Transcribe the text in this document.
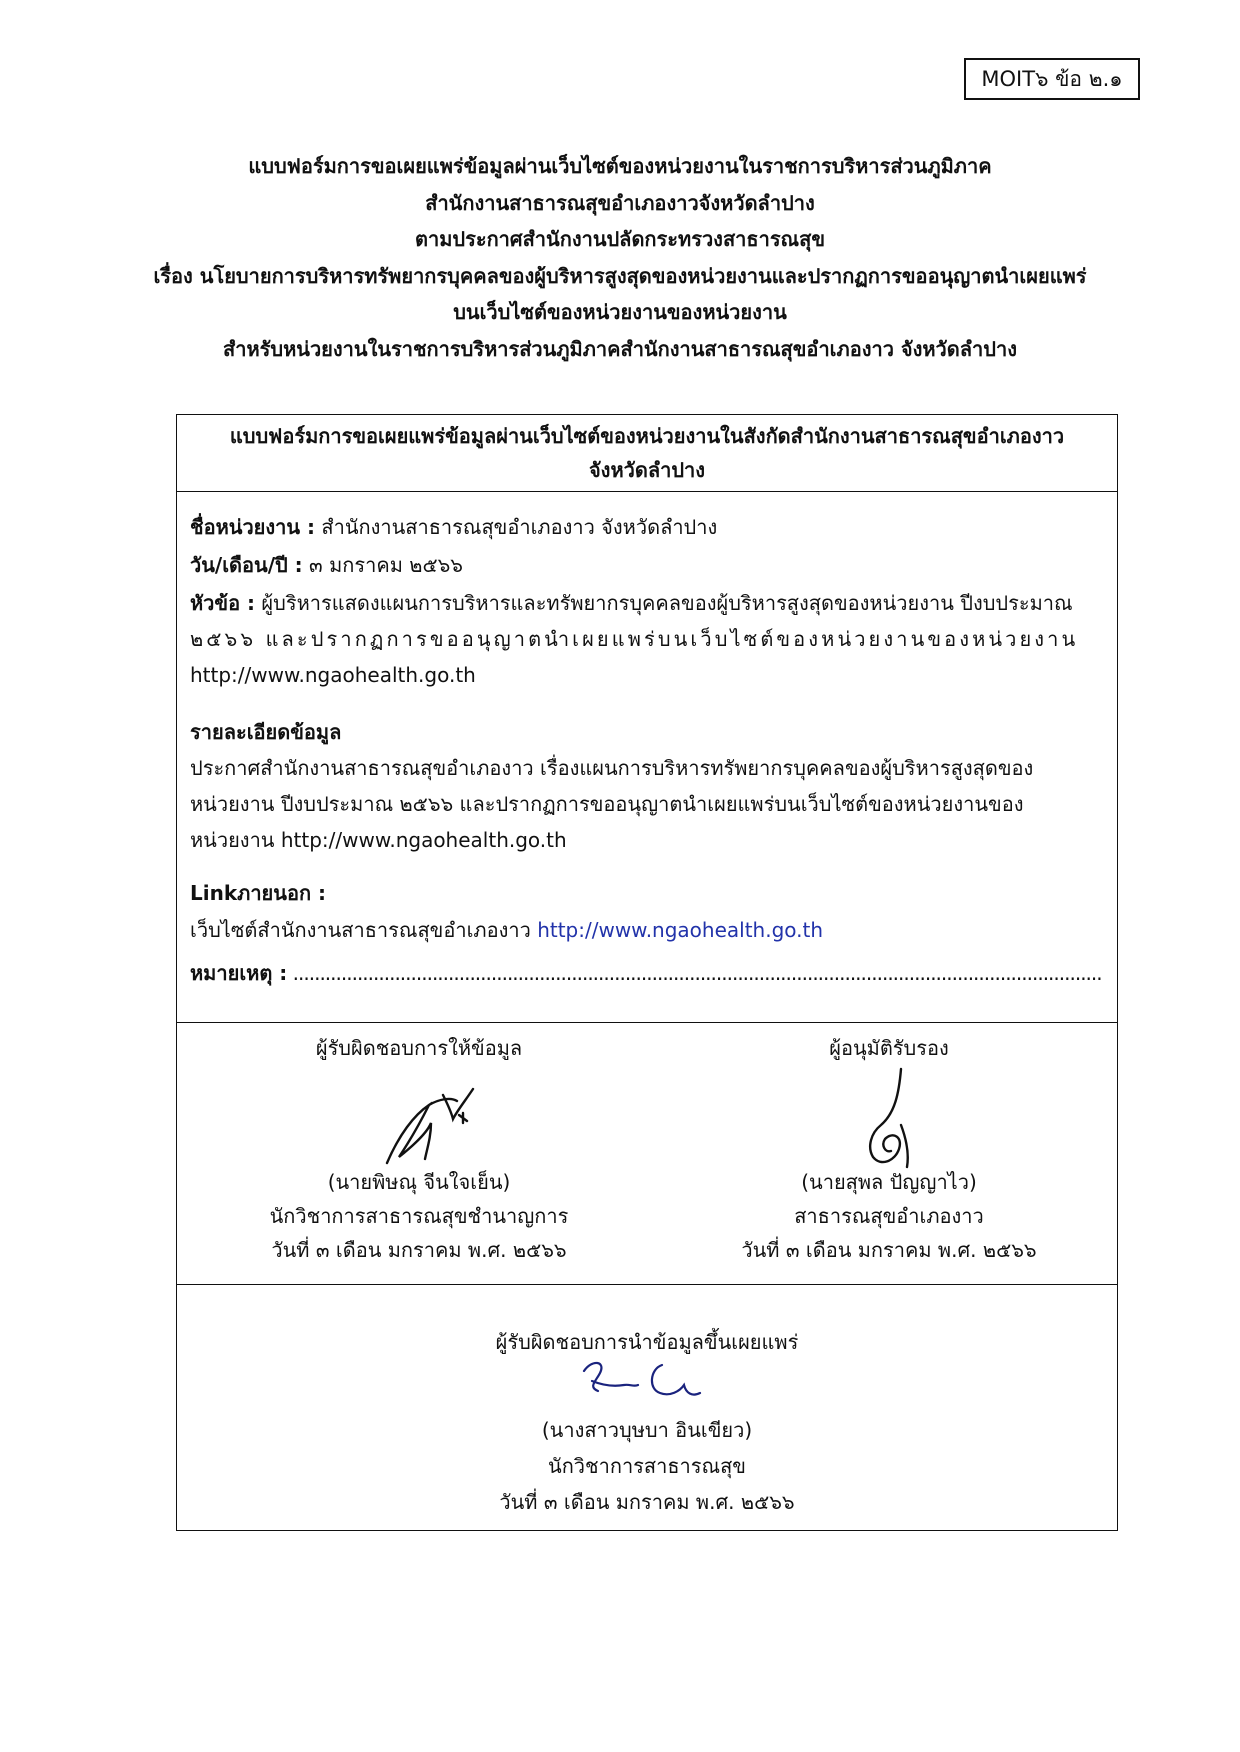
MOIT๖ ข้อ ๒.๑
แบบฟอร์มการขอเผยแพร่ข้อมูลผ่านเว็บไซต์ของหน่วยงานในราชการบริหารส่วนภูมิภาค
สำนักงานสาธารณสุขอำเภองาวจังหวัดลำปาง
ตามประกาศสำนักงานปลัดกระทรวงสาธารณสุข
เรื่อง นโยบายการบริหารทรัพยากรบุคคลของผู้บริหารสูงสุดของหน่วยงานและปรากฏการขออนุญาตนำเผยแพร่
บนเว็บไซต์ของหน่วยงานของหน่วยงาน
สำหรับหน่วยงานในราชการบริหารส่วนภูมิภาคสำนักงานสาธารณสุขอำเภองาว จังหวัดลำปาง
แบบฟอร์มการขอเผยแพร่ข้อมูลผ่านเว็บไซต์ของหน่วยงานในสังกัดสำนักงานสาธารณสุขอำเภองาว
จังหวัดลำปาง
ชื่อหน่วยงาน : สำนักงานสาธารณสุขอำเภองาว จังหวัดลำปาง
วัน/เดือน/ปี : ๓ มกราคม ๒๕๖๖
หัวข้อ : ผู้บริหารแสดงแผนการบริหารและทรัพยากรบุคคลของผู้บริหารสูงสุดของหน่วยงาน ปีงบประมาณ
๒๕๖๖ และปรากฏการขออนุญาตนำเผยแพร่บนเว็บไซต์ของหน่วยงานของหน่วยงาน
http://www.ngaohealth.go.th
รายละเอียดข้อมูล
ประกาศสำนักงานสาธารณสุขอำเภองาว เรื่องแผนการบริหารทรัพยากรบุคคลของผู้บริหารสูงสุดของ
หน่วยงาน ปีงบประมาณ ๒๕๖๖ และปรากฏการขออนุญาตนำเผยแพร่บนเว็บไซต์ของหน่วยงานของ
หน่วยงาน http://www.ngaohealth.go.th
Linkภายนอก :
เว็บไซต์สำนักงานสาธารณสุขอำเภองาว http://www.ngaohealth.go.th
หมายเหตุ : .......................................................................................................................................................
ผู้รับผิดชอบการให้ข้อมูล
(นายพิษณุ จีนใจเย็น)
นักวิชาการสาธารณสุขชำนาญการ
วันที่ ๓ เดือน มกราคม พ.ศ. ๒๕๖๖
ผู้อนุมัติรับรอง
(นายสุพล ปัญญาไว)
สาธารณสุขอำเภองาว
วันที่ ๓ เดือน มกราคม พ.ศ. ๒๕๖๖
ผู้รับผิดชอบการนำข้อมูลขึ้นเผยแพร่
(นางสาวบุษบา อินเขียว)
นักวิชาการสาธารณสุข
วันที่ ๓ เดือน มกราคม พ.ศ. ๒๕๖๖
